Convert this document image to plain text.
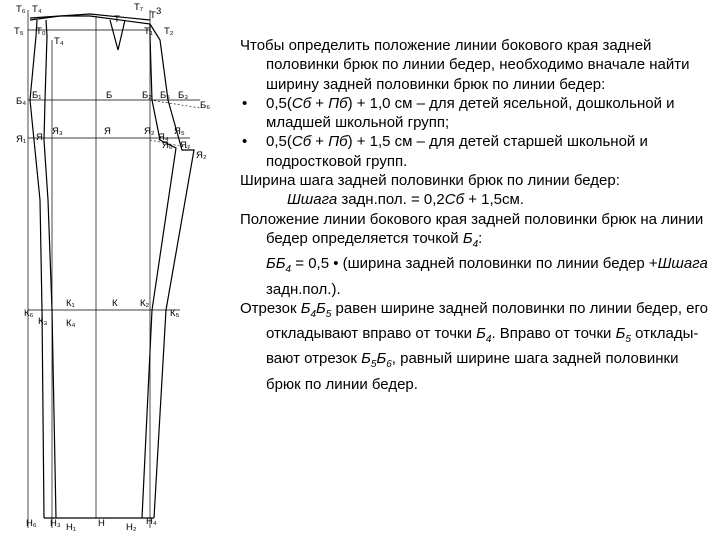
Т₆ Т₄	Т₇
Т 3
Т₅ Т₀
Т₄
Т
Т₁ Т₂
Б₄
Б₁	Б	Б₂	Б₃
Б₅
Б₆
Я₁ Я
Я₃	Я	Я₂
Я₄
Я₅
Я₆ Я₇
Я₂
К₆
К₃
К₁	К К₂
К₄
К₅
Н₆ Н₃ Н₁ Н Н₂
Н₄

Чтобы определить положение линии бокового края задней половинки брюк по линии бедер, необходимо вначале найти ширину задней половинки брюк по линии бедер:

• 0,5(Сб + Пб) + 1,0 см – для детей ясельной, дошкольной и младшей школьной групп;

• 0,5(Сб + Пб) + 1,5 см – для детей старшей школьной и подростковой групп.

Ширина шага задней половинки брюк по линии бедер:

Шшага задн.пол. = 0,2Сб + 1,5см.

Положение линии бокового края задней половинки брюк на линии бедер определяется точкой $Б_4$:

$ББ_4 = 0,5$ • (ширина задней половинки по линии бедер +Шшага задн.пол.).

Отрезок $Б_4Б_5$ равен ширине задней половинки по линии бедер, его откладывают вправо от точки $Б_4$. Вправо от точки $Б_5$ отклады-вают отрезок $Б_5Б_6$, равный ширине шага задней половинки брюк по линии бедер.
